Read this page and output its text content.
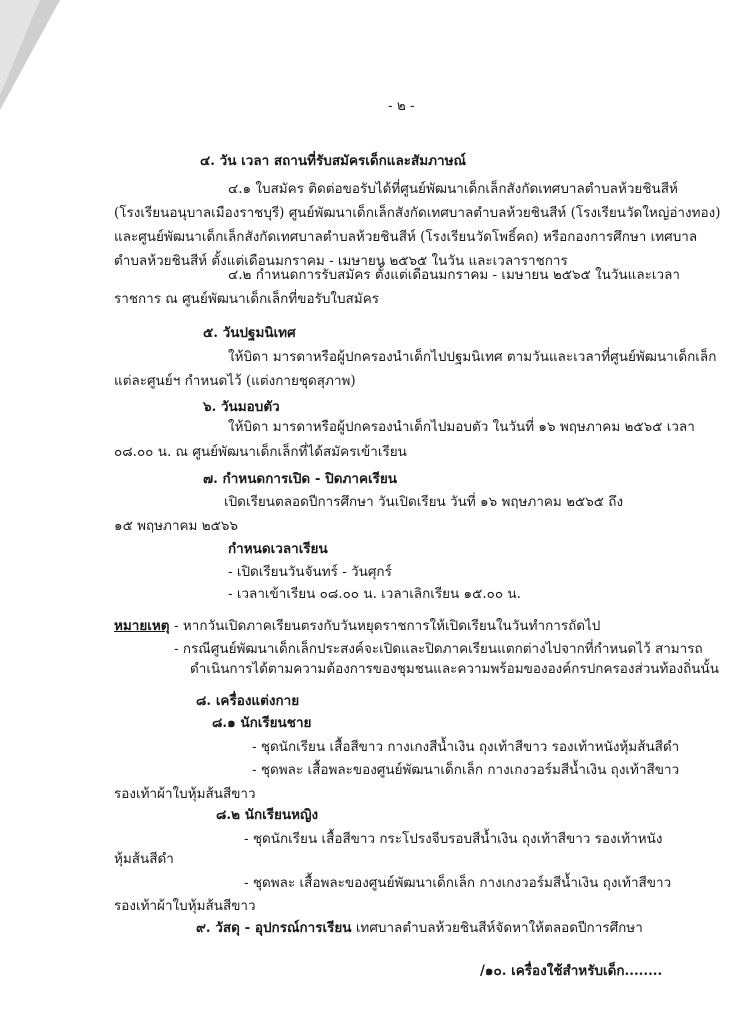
- ๒ -
๔. วัน เวลา สถานที่รับสมัครเด็กและสัมภาษณ์
๔.๑ ใบสมัคร ติดต่อขอรับได้ที่ศูนย์พัฒนาเด็กเล็กสังกัดเทศบาลตำบลห้วยชินสีห์
(โรงเรียนอนุบาลเมืองราชบุรี) ศูนย์พัฒนาเด็กเล็กสังกัดเทศบาลตำบลห้วยชินสีห์ (โรงเรียนวัดใหญ่อ่างทอง)
และศูนย์พัฒนาเด็กเล็กสังกัดเทศบาลตำบลห้วยชินสีห์ (โรงเรียนวัดโพธิ์คถ) หรือกองการศึกษา เทศบาล
ตำบลห้วยชินสีห์ ตั้งแต่เดือนมกราคม - เมษายน ๒๕๖๕ ในวัน และเวลาราชการ
๔.๒ กำหนดการรับสมัคร ตั้งแต่เดือนมกราคม - เมษายน ๒๕๖๕ ในวันและเวลา
ราชการ ณ ศูนย์พัฒนาเด็กเล็กที่ขอรับใบสมัคร
๕. วันปฐมนิเทศ
ให้บิดา มารดาหรือผู้ปกครองนำเด็กไปปฐมนิเทศ ตามวันและเวลาที่ศูนย์พัฒนาเด็กเล็ก
แต่ละศูนย์ฯ กำหนดไว้ (แต่งกายชุดสุภาพ)
๖. วันมอบตัว
ให้บิดา มารดาหรือผู้ปกครองนำเด็กไปมอบตัว ในวันที่ ๑๖ พฤษภาคม ๒๕๖๕ เวลา
๐๘.๐๐ น. ณ ศูนย์พัฒนาเด็กเล็กที่ได้สมัครเข้าเรียน
๗. กำหนดการเปิด - ปิดภาคเรียน
เปิดเรียนตลอดปีการศึกษา วันเปิดเรียน วันที่ ๑๖ พฤษภาคม ๒๕๖๕ ถึง
๑๕ พฤษภาคม ๒๕๖๖
กำหนดเวลาเรียน
- เปิดเรียนวันจันทร์ - วันศุกร์
- เวลาเข้าเรียน ๐๘.๐๐ น. เวลาเลิกเรียน ๑๕.๐๐ น.
หมายเหตุ - หากวันเปิดภาคเรียนตรงกับวันหยุดราชการให้เปิดเรียนในวันทำการถัดไป
- กรณีศูนย์พัฒนาเด็กเล็กประสงค์จะเปิดและปิดภาคเรียนแตกต่างไปจากที่กำหนดไว้ สามารถ
ดำเนินการได้ตามความต้องการของชุมชนและความพร้อมขององค์กรปกครองส่วนท้องถิ่นนั้น
๘. เครื่องแต่งกาย
๘.๑ นักเรียนชาย
- ชุดนักเรียน เสื้อสีขาว กางเกงสีน้ำเงิน ถุงเท้าสีขาว รองเท้าหนังหุ้มส้นสีดำ
- ชุดพละ เสื้อพละของศูนย์พัฒนาเด็กเล็ก กางเกงวอร์มสีน้ำเงิน ถุงเท้าสีขาว
รองเท้าผ้าใบหุ้มส้นสีขาว
๘.๒ นักเรียนหญิง
- ชุดนักเรียน เสื้อสีขาว กระโปรงจีบรอบสีน้ำเงิน ถุงเท้าสีขาว รองเท้าหนัง
หุ้มส้นสีดำ
- ชุดพละ เสื้อพละของศูนย์พัฒนาเด็กเล็ก กางเกงวอร์มสีน้ำเงิน ถุงเท้าสีขาว
รองเท้าผ้าใบหุ้มส้นสีขาว
๙. วัสดุ - อุปกรณ์การเรียน เทศบาลตำบลห้วยชินสีห์จัดหาให้ตลอดปีการศึกษา
/๑๐. เครื่องใช้สำหรับเด็ก........
